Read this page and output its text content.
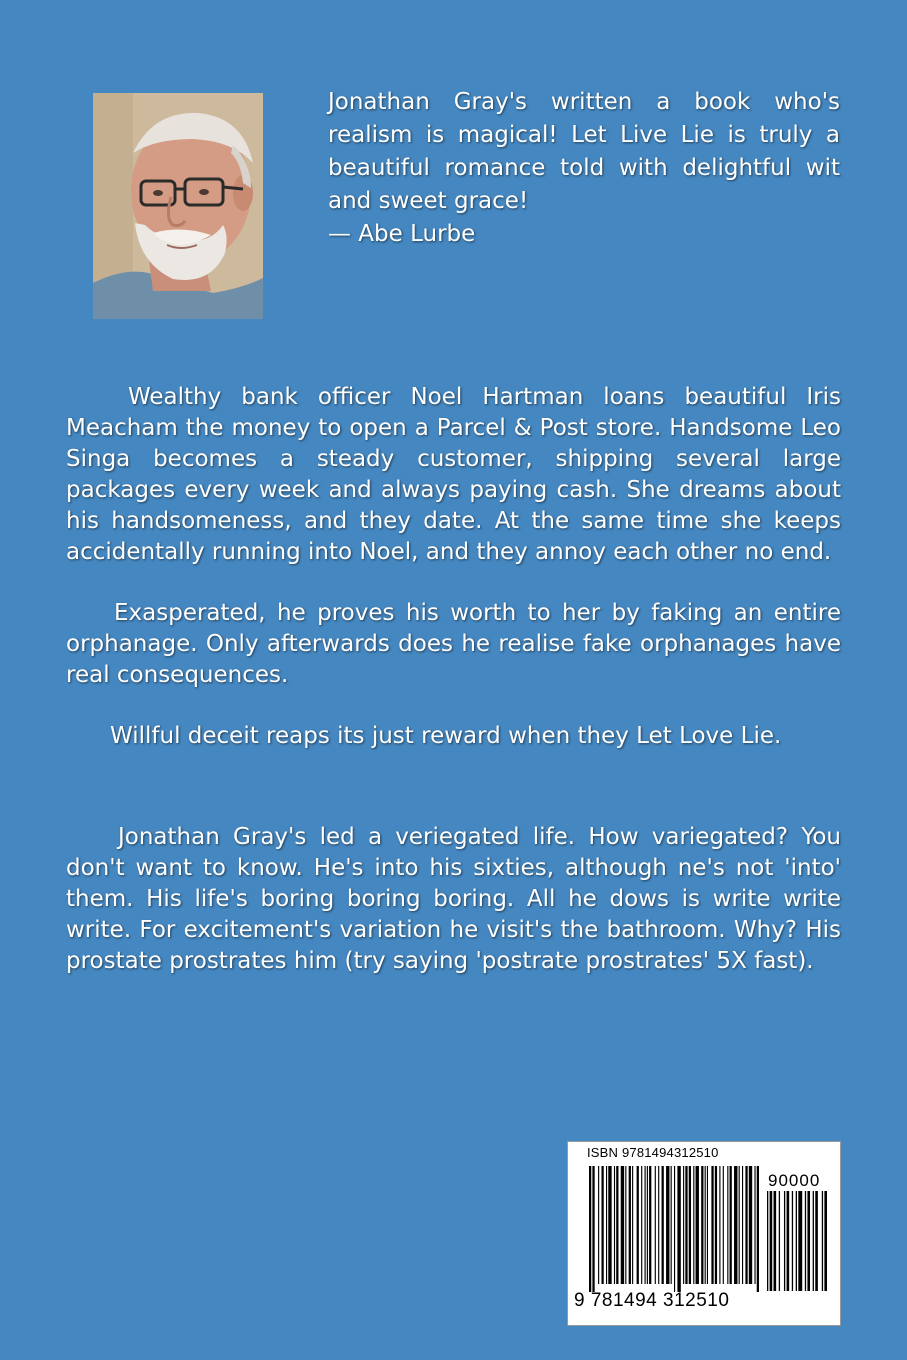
Jonathan Gray's written a book who's realism is magical! Let Live Lie is truly a beautiful romance told with delightful wit and sweet grace!

— Abe Lurbe

Wealthy bank officer Noel Hartman loans beautiful Iris Meacham the money to open a Parcel & Post store. Handsome Leo Singa becomes a steady customer, shipping several large packages every week and always paying cash. She dreams about his handsomeness, and they date. At the same time she keeps accidentally running into Noel, and they annoy each other no end.

Exasperated, he proves his worth to her by faking an entire orphanage. Only afterwards does he realise fake orphanages have real consequences.

Willful deceit reaps its just reward when they Let Love Lie.

Jonathan Gray's led a veriegated life. How variegated? You don't want to know. He's into his sixties, although ne's not 'into' them. His life's boring boring boring. All he dows is write write write. For excitement's variation he visit's the bathroom. Why? His prostate prostrates him (try saying 'postrate prostrates' 5X fast).

ISBN 9781494312510
90000
9 781494 312510
